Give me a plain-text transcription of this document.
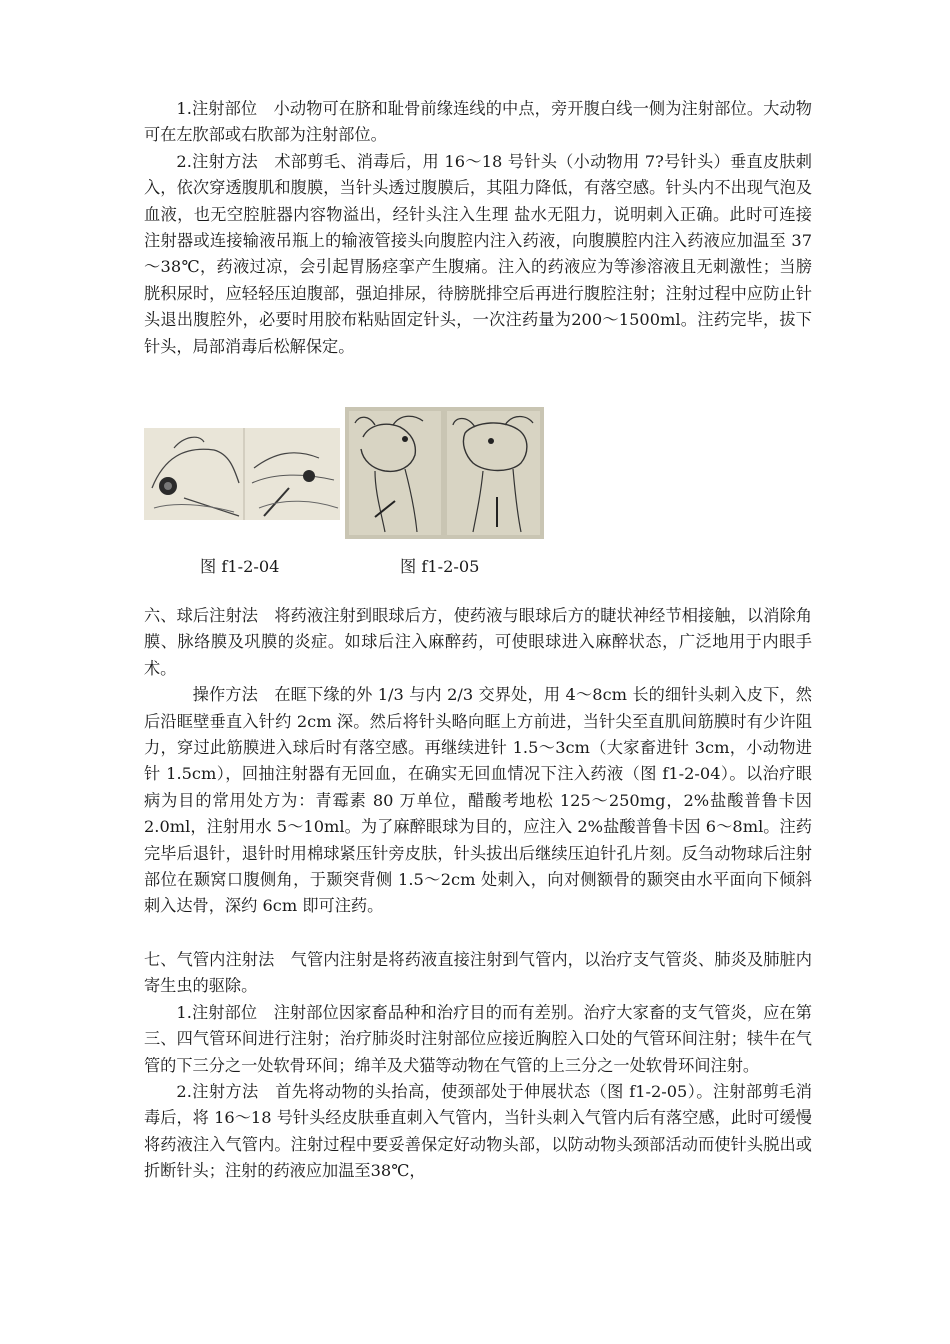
1.注射部位　小动物可在脐和耻骨前缘连线的中点，旁开腹白线一侧为注射部位。大动物可在左肷部或右肷部为注射部位。

2.注射方法　术部剪毛、消毒后，用 16～18 号针头（小动物用 7?号针头）垂直皮肤刺入，依次穿透腹肌和腹膜，当针头透过腹膜后，其阻力降低，有落空感。针头内不出现气泡及血液，也无空腔脏器内容物溢出，经针头注入生理 盐水无阻力，说明刺入正确。此时可连接注射器或连接输液吊瓶上的输液管接头向腹腔内注入药液，向腹膜腔内注入药液应加温至 37～38℃，药液过凉，会引起胃肠痉挛产生腹痛。注入的药液应为等渗溶液且无刺激性；当膀胱积尿时，应轻轻压迫腹部，强迫排尿，待膀胱排空后再进行腹腔注射；注射过程中应防止针头退出腹腔外，必要时用胶布粘贴固定针头，一次注药量为200～1500ml。注药完毕，拔下针头，局部消毒后松解保定。

图 f1-2-04	图 f1-2-05

六、球后注射法　将药液注射到眼球后方，使药液与眼球后方的睫状神经节相接触，以消除角膜、脉络膜及巩膜的炎症。如球后注入麻醉药，可使眼球进入麻醉状态，广泛地用于内眼手术。

操作方法　在眶下缘的外 1/3 与内 2/3 交界处，用 4～8cm 长的细针头刺入皮下，然后沿眶壁垂直入针约 2cm 深。然后将针头略向眶上方前进，当针尖至直肌间筋膜时有少许阻力，穿过此筋膜进入球后时有落空感。再继续进针 1.5～3cm（大家畜进针 3cm，小动物进针 1.5cm），回抽注射器有无回血，在确实无回血情况下注入药液（图 f1-2-04）。以治疗眼病为目的常用处方为：青霉素 80 万单位，醋酸考地松 125～250mg，2%盐酸普鲁卡因 2.0ml，注射用水 5～10ml。为了麻醉眼球为目的，应注入 2%盐酸普鲁卡因 6～8ml。注药完毕后退针，退针时用棉球紧压针旁皮肤，针头拔出后继续压迫针孔片刻。反刍动物球后注射部位在颞窝口腹侧角，于颞突背侧 1.5～2cm 处刺入，向对侧额骨的颞突由水平面向下倾斜刺入达骨，深约 6cm 即可注药。

七、气管内注射法　气管内注射是将药液直接注射到气管内，以治疗支气管炎、肺炎及肺脏内寄生虫的驱除。

1.注射部位　注射部位因家畜品种和治疗目的而有差别。治疗大家畜的支气管炎，应在第三、四气管环间进行注射；治疗肺炎时注射部位应接近胸腔入口处的气管环间注射；犊牛在气管的下三分之一处软骨环间；绵羊及犬猫等动物在气管的上三分之一处软骨环间注射。

2.注射方法　首先将动物的头抬高，使颈部处于伸展状态（图 f1-2-05）。注射部剪毛消毒后，将 16～18 号针头经皮肤垂直刺入气管内，当针头刺入气管内后有落空感，此时可缓慢将药液注入气管内。注射过程中要妥善保定好动物头部，以防动物头颈部活动而使针头脱出或折断针头；注射的药液应加温至38℃，
